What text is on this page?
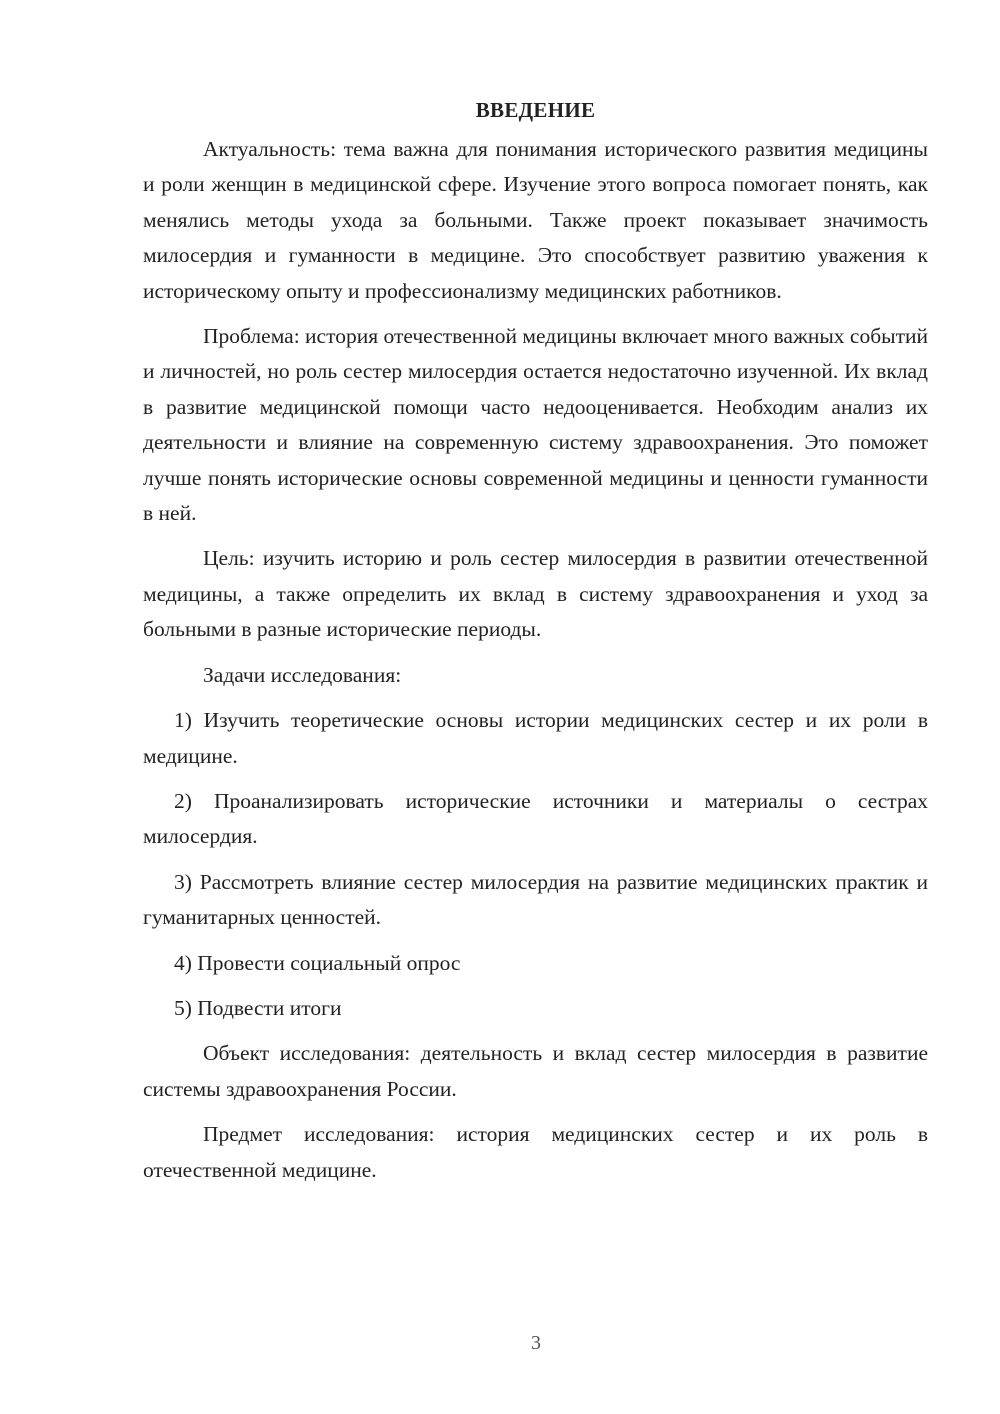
ВВЕДЕНИЕ

Актуальность: тема важна для понимания исторического развития медицины и роли женщин в медицинской сфере. Изучение этого вопроса помогает понять, как менялись методы ухода за больными. Также проект показывает значимость милосердия и гуманности в медицине. Это способствует развитию уважения к историческому опыту и профессионализму медицинских работников.

Проблема: история отечественной медицины включает много важных событий и личностей, но роль сестер милосердия остается недостаточно изученной. Их вклад в развитие медицинской помощи часто недооценивается. Необходим анализ их деятельности и влияние на современную систему здравоохранения. Это поможет лучше понять исторические основы современной медицины и ценности гуманности в ней.

Цель: изучить историю и роль сестер милосердия в развитии отечественной медицины, а также определить их вклад в систему здравоохранения и уход за больными в разные исторические периоды.

Задачи исследования:

1) Изучить теоретические основы истории медицинских сестер и их роли в медицине.

2) Проанализировать исторические источники и материалы о сестрах милосердия.

3) Рассмотреть влияние сестер милосердия на развитие медицинских практик и гуманитарных ценностей.

4) Провести социальный опрос

5) Подвести итоги

Объект исследования: деятельность и вклад сестер милосердия в развитие системы здравоохранения России.

Предмет исследования: история медицинских сестер и их роль в отечественной медицине.

3
